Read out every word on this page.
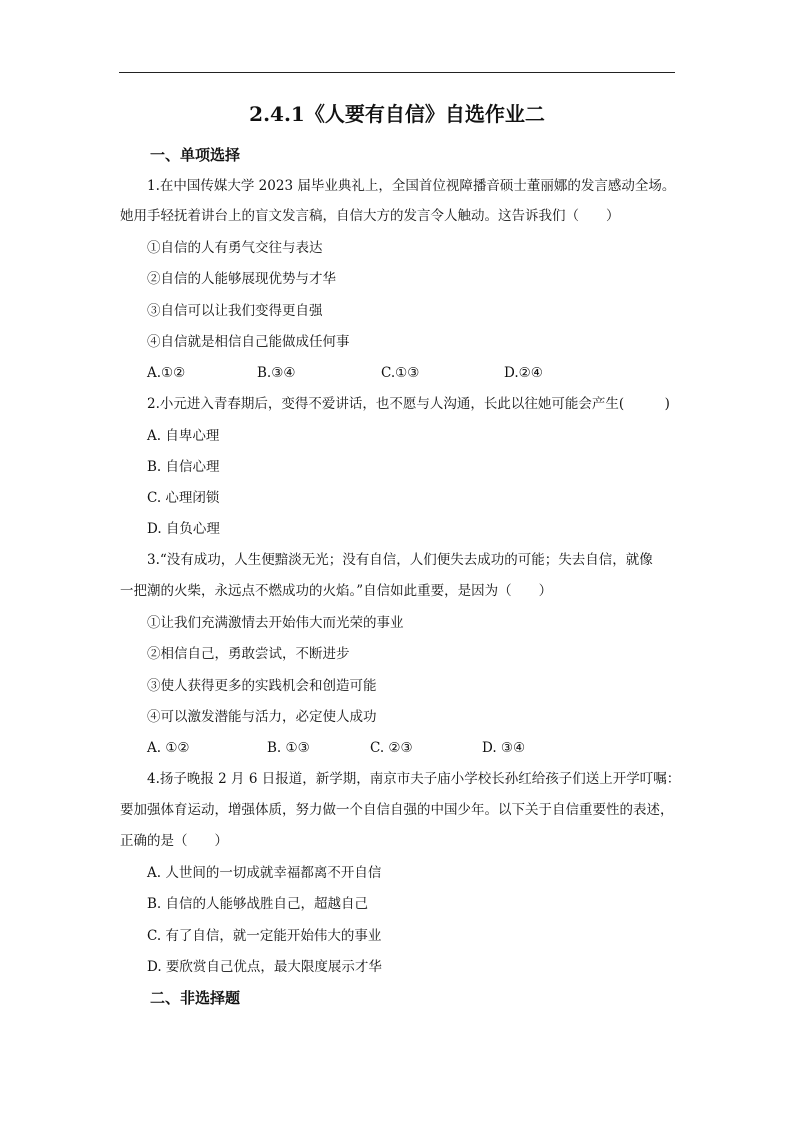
2.4.1《人要有自信》自选作业二
一、单项选择
1.在中国传媒大学 2023 届毕业典礼上，全国首位视障播音硕士董丽娜的发言感动全场。
她用手轻抚着讲台上的盲文发言稿，自信大方的发言令人触动。这告诉我们（　　）
①自信的人有勇气交往与表达
②自信的人能够展现优势与才华
③自信可以让我们变得更自强
④自信就是相信自己能做成任何事
A.①②	B.③④	C.①③	D.②④
2.小元进入青春期后，变得不爱讲话，也不愿与人沟通，长此以往她可能会产生(　　　)
A. 自卑心理
B. 自信心理
C. 心理闭锁
D. 自负心理
3.“没有成功，人生便黯淡无光；没有自信，人们便失去成功的可能；失去自信，就像
一把潮的火柴，永远点不燃成功的火焰。”自信如此重要，是因为（　　）
①让我们充满激情去开始伟大而光荣的事业
②相信自己，勇敢尝试，不断进步
③使人获得更多的实践机会和创造可能
④可以激发潜能与活力，必定使人成功
A. ①②	B. ①③	C. ②③	D. ③④
4.扬子晚报 2 月 6 日报道，新学期，南京市夫子庙小学校长孙红给孩子们送上开学叮嘱：
要加强体育运动，增强体质，努力做一个自信自强的中国少年。以下关于自信重要性的表述，
正确的是（　　）
A. 人世间的一切成就幸福都离不开自信
B. 自信的人能够战胜自己，超越自己
C. 有了自信，就一定能开始伟大的事业
D. 要欣赏自己优点，最大限度展示才华
二、非选择题
